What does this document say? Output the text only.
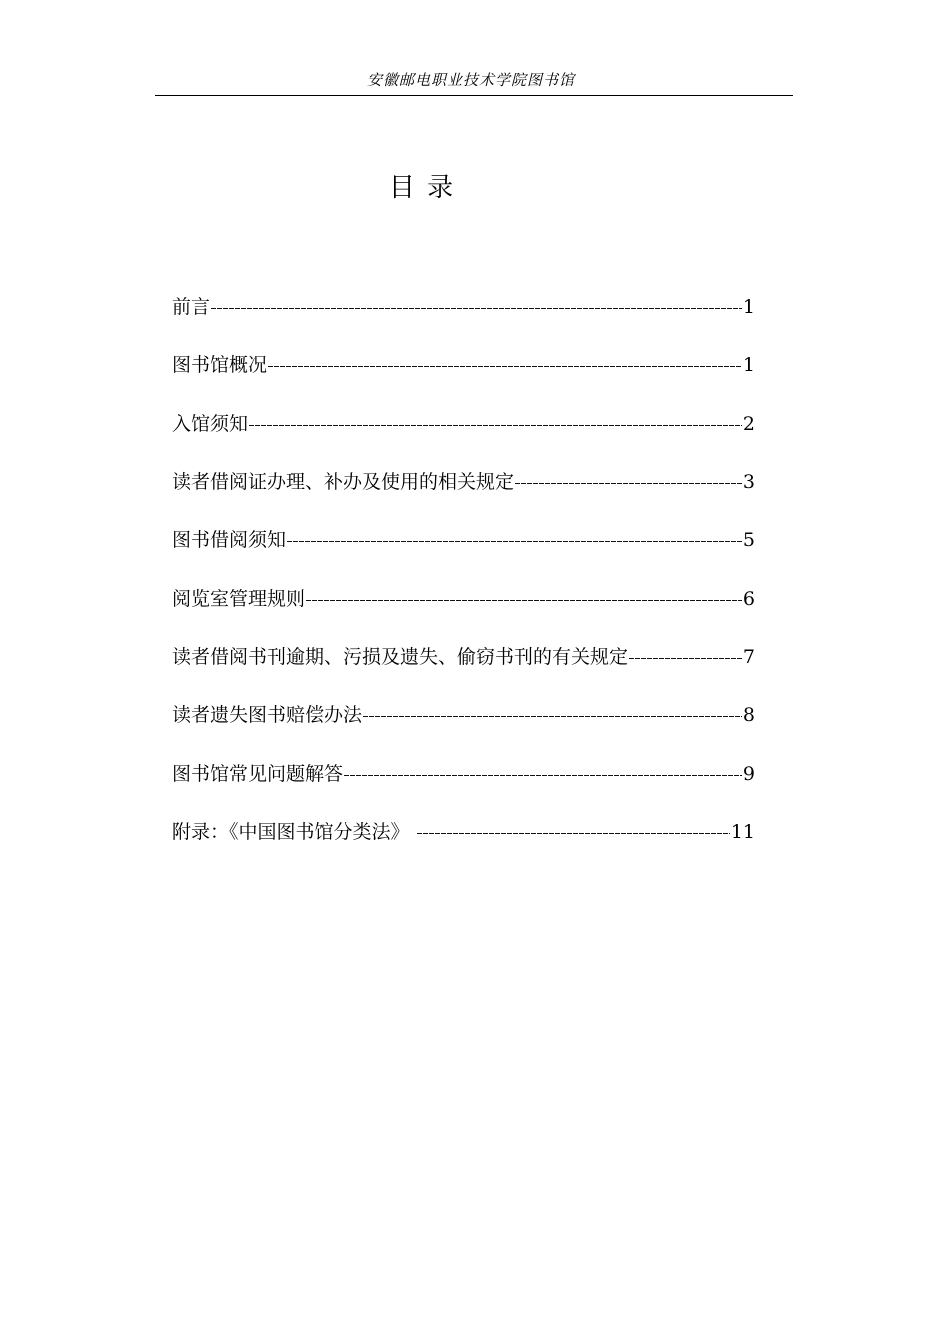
安徽邮电职业技术学院图书馆
目 录
前言	1
图书馆概况	1
入馆须知	2
读者借阅证办理、补办及使用的相关规定	3
图书借阅须知	5
阅览室管理规则	6
读者借阅书刊逾期、污损及遗失、偷窃书刊的有关规定	7
读者遗失图书赔偿办法	8
图书馆常见问题解答	9
附录：《中国图书馆分类法》	11
